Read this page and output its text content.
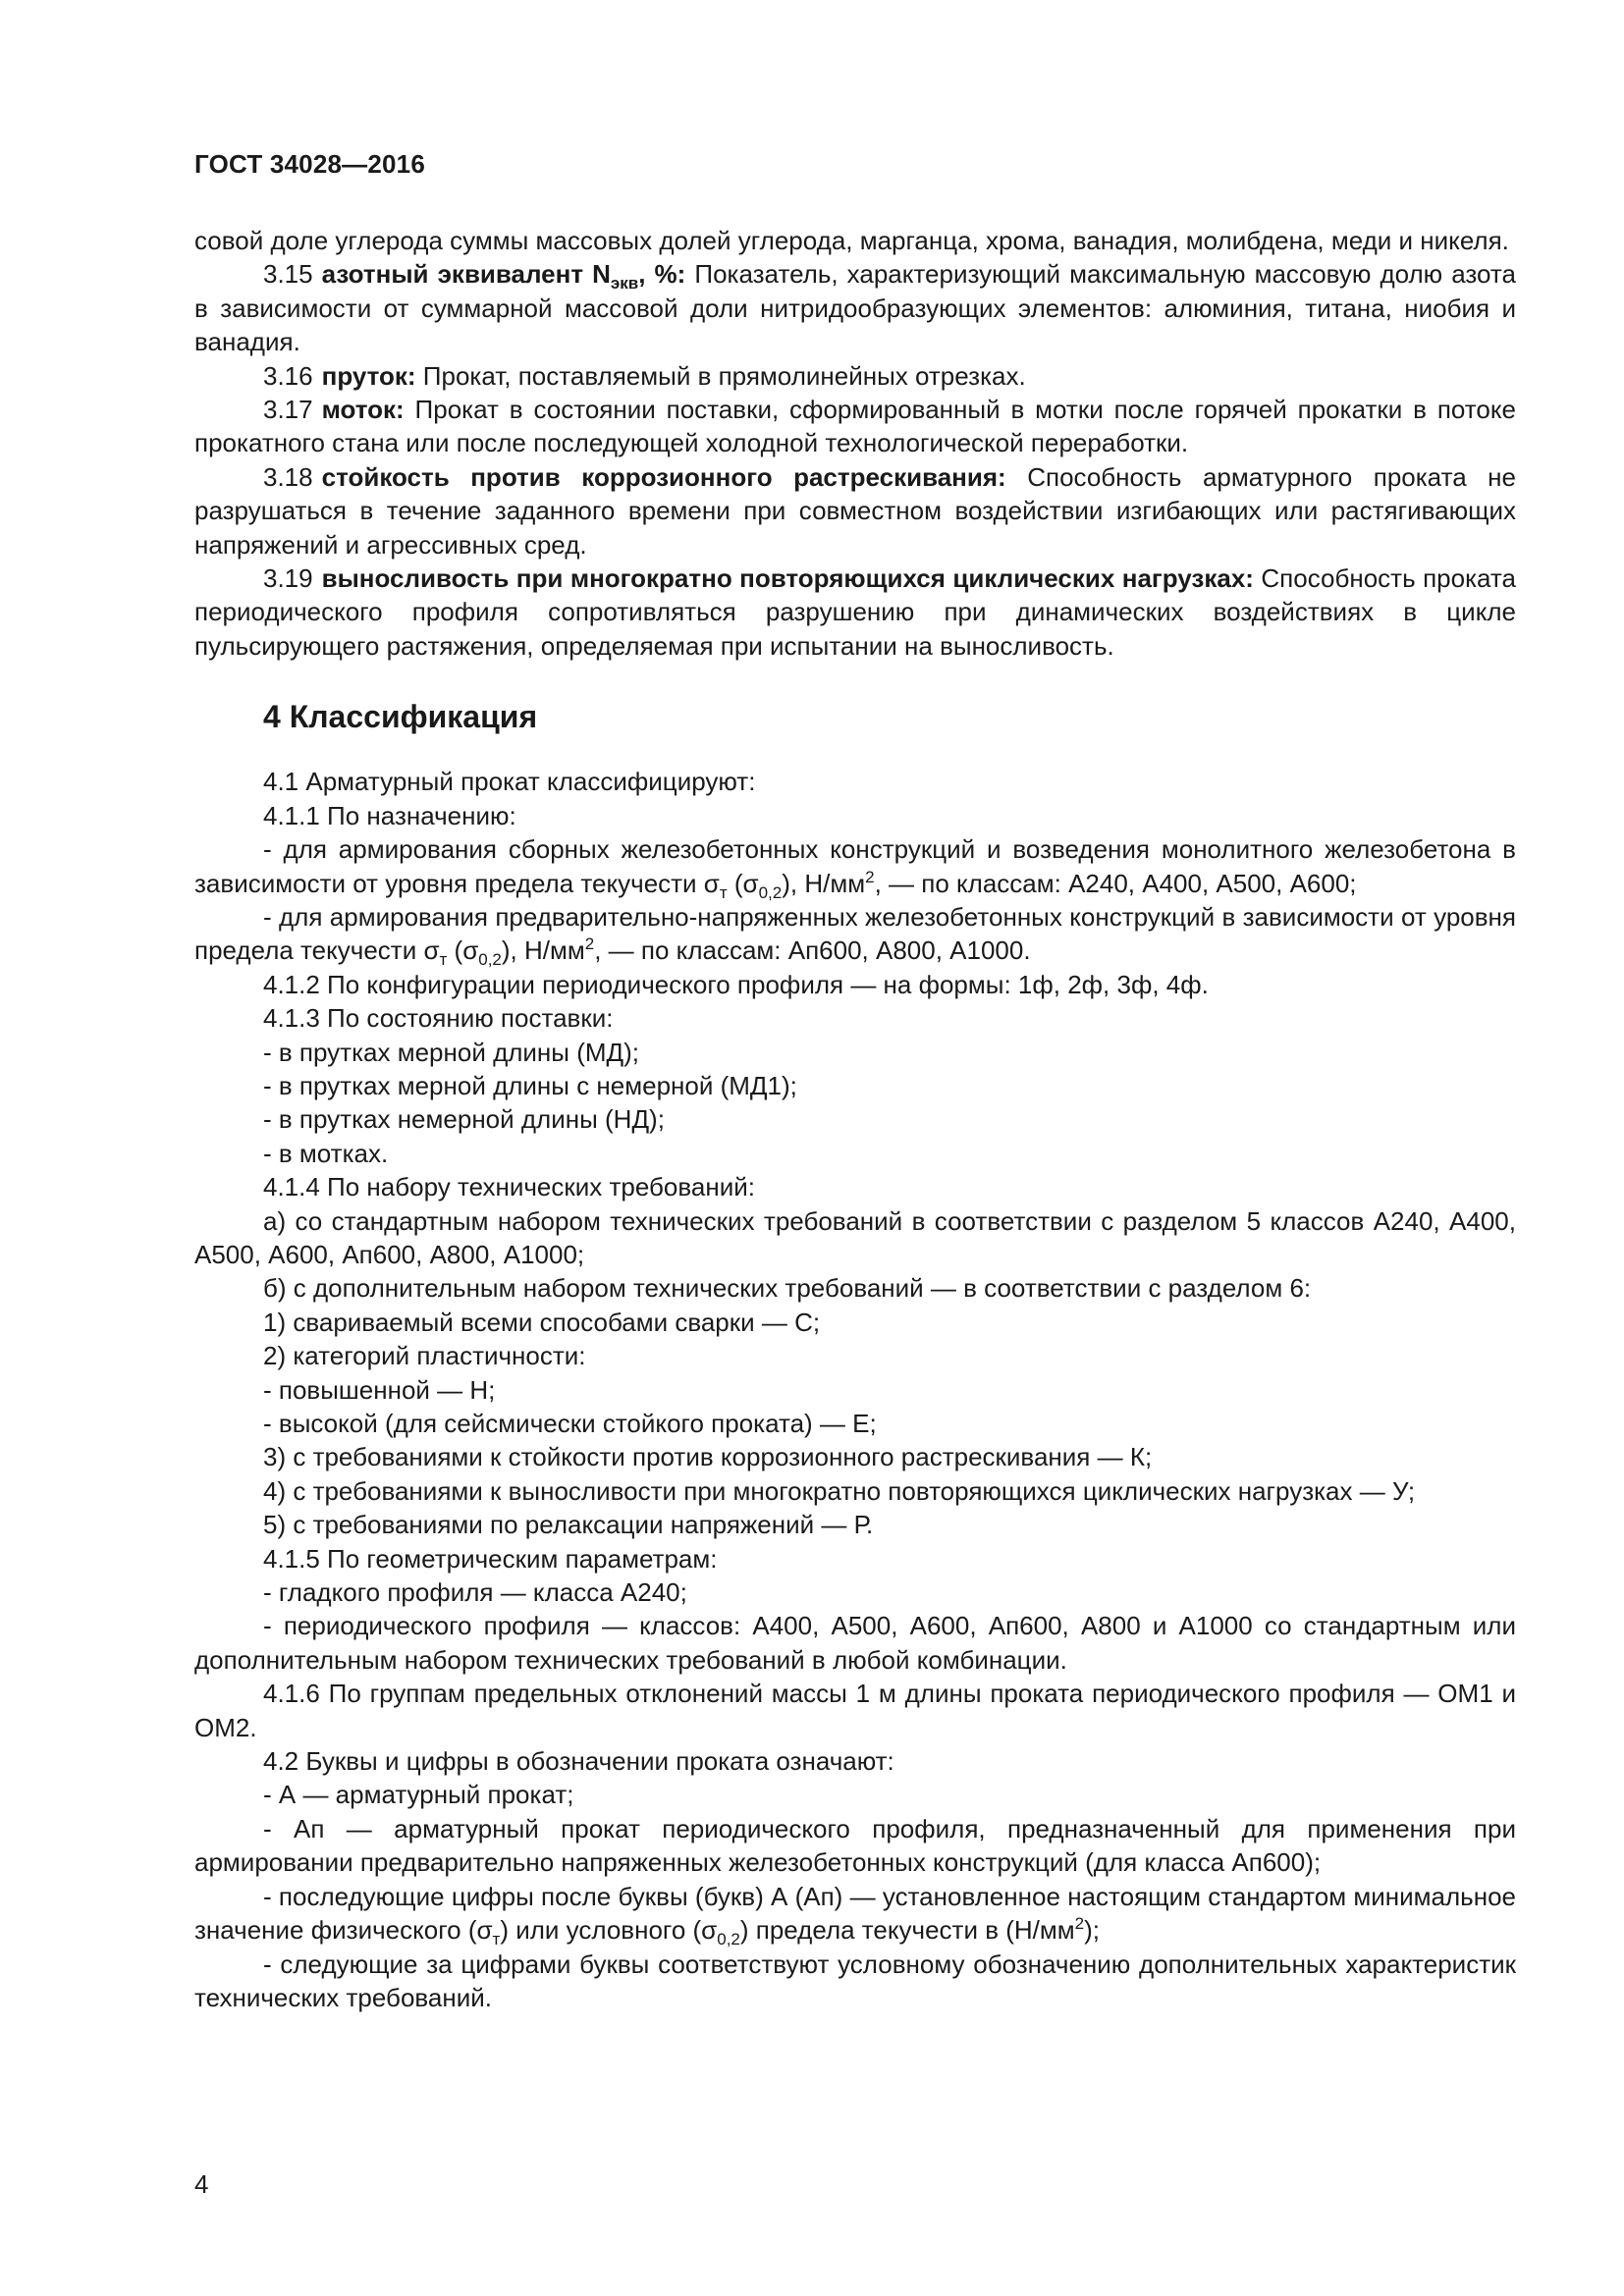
ГОСТ 34028—2016

совой доле углерода суммы массовых долей углерода, марганца, хрома, ванадия, молибдена, меди и никеля.

3.15 азотный эквивалент $N_{экв}$, %: Показатель, характеризующий максимальную массовую долю азота в зависимости от суммарной массовой доли нитридообразующих элементов: алюминия, титана, ниобия и ванадия.

3.16 пруток: Прокат, поставляемый в прямолинейных отрезках.

3.17 моток: Прокат в состоянии поставки, сформированный в мотки после горячей прокатки в потоке прокатного стана или после последующей холодной технологической переработки.

3.18 стойкость против коррозионного растрескивания: Способность арматурного проката не разрушаться в течение заданного времени при совместном воздействии изгибающих или растягивающих напряжений и агрессивных сред.

3.19 выносливость при многократно повторяющихся циклических нагрузках: Способность проката периодического профиля сопротивляться разрушению при динамических воздействиях в цикле пульсирующего растяжения, определяемая при испытании на выносливость.

4 Классификация

4.1 Арматурный прокат классифицируют:

4.1.1 По назначению:

- для армирования сборных железобетонных конструкций и возведения монолитного железобетона в зависимости от уровня предела текучести $\sigma_т$ $(\sigma_{0,2})$, $Н/мм^2$, — по классам: А240, А400, А500, А600;

- для армирования предварительно-напряженных железобетонных конструкций в зависимости от уровня предела текучести $\sigma_т$ $(\sigma_{0,2})$, $Н/мм^2$, — по классам: Ап600, А800, А1000.

4.1.2 По конфигурации периодического профиля — на формы: 1ф, 2ф, 3ф, 4ф.

4.1.3 По состоянию поставки:

- в прутках мерной длины (МД);

- в прутках мерной длины с немерной (МД1);

- в прутках немерной длины (НД);

- в мотках.

4.1.4 По набору технических требований:

а) со стандартным набором технических требований в соответствии с разделом 5 классов А240, А400, А500, А600, Ап600, А800, А1000;

б) с дополнительным набором технических требований — в соответствии с разделом 6:

1) свариваемый всеми способами сварки — С;

2) категорий пластичности:

- повышенной — Н;

- высокой (для сейсмически стойкого проката) — Е;

3) с требованиями к стойкости против коррозионного растрескивания — К;

4) с требованиями к выносливости при многократно повторяющихся циклических нагрузках — У;

5) с требованиями по релаксации напряжений — Р.

4.1.5 По геометрическим параметрам:

- гладкого профиля — класса А240;

- периодического профиля — классов: А400, А500, А600, Ап600, А800 и А1000 со стандартным или дополнительным набором технических требований в любой комбинации.

4.1.6 По группам предельных отклонений массы 1 м длины проката периодического профиля — ОМ1 и ОМ2.

4.2 Буквы и цифры в обозначении проката означают:

- А — арматурный прокат;

- Ап — арматурный прокат периодического профиля, предназначенный для применения при армировании предварительно напряженных железобетонных конструкций (для класса Ап600);

- последующие цифры после буквы (букв) А (Ап) — установленное настоящим стандартом минимальное значение физического $(\sigma_т)$ или условного $(\sigma_{0,2})$ предела текучести в $(Н/мм^2)$;

- следующие за цифрами буквы соответствуют условному обозначению дополнительных характеристик технических требований.

4
